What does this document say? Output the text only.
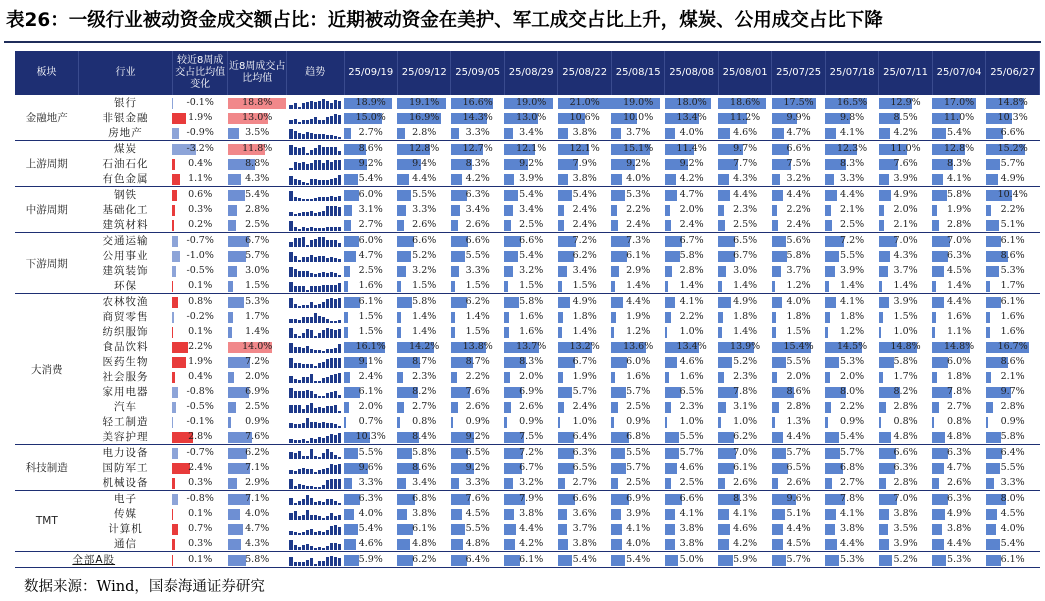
表26：一级行业被动资金成交额占比：近期被动资金在美护、军工成交占比上升，煤炭、公用成交占比下降
板块	行业	较近8周成交占比均值变化	近8周成交占比均值	趋势	25/09/19	25/09/12	25/09/05	25/08/29	25/08/22	25/08/15	25/08/08	25/08/01	25/07/25	25/07/18	25/07/11	25/07/04	25/06/27
金融地产	银行	-0.1%	18.8%		18.9%	19.1%	16.6%	19.0%	21.0%	19.0%	18.0%	18.6%	17.5%	16.5%	12.9%	17.0%	14.8%

	非银金融	1.9%	13.0%		15.0%	16.9%	14.3%	13.0%	10.6%	10.0%	13.4%	11.2%	9.9%	9.8%	8.5%	11.0%	10.3%

	房地产	-0.9%	3.5%		2.7%	2.8%	3.3%	3.4%	3.8%	3.7%	4.0%	4.6%	4.7%	4.1%	4.2%	5.4%	6.6%

上游周期	煤炭	-3.2%	11.8%		8.6%	12.8%	12.7%	12.1%	12.1%	15.1%	11.4%	9.7%	6.6%	12.3%	11.0%	12.8%	15.2%

	石油石化	0.4%	8.8%		9.2%	9.4%	8.3%	9.2%	7.9%	9.2%	9.2%	7.7%	7.5%	8.3%	7.6%	8.3%	5.7%

	有色金属	1.1%	4.3%		5.4%	4.4%	4.2%	3.9%	3.8%	4.0%	4.2%	4.3%	3.2%	3.3%	3.9%	4.1%	4.9%

中游周期	钢铁	0.6%	5.4%		6.0%	5.5%	6.3%	5.4%	5.4%	5.3%	4.7%	4.4%	4.4%	4.4%	4.9%	5.8%	10.4%

	基础化工	0.3%	2.8%		3.1%	3.3%	3.4%	3.4%	2.4%	2.2%	2.0%	2.3%	2.2%	2.1%	2.0%	1.9%	2.2%

	建筑材料	0.2%	2.5%		2.7%	2.6%	2.6%	2.5%	2.4%	2.4%	2.4%	2.5%	2.4%	2.5%	2.1%	2.8%	5.1%

下游周期	交通运输	-0.7%	6.7%		6.0%	6.6%	6.6%	6.6%	7.2%	7.3%	6.7%	6.5%	5.6%	7.2%	7.0%	7.0%	6.1%

	公用事业	-1.0%	5.7%		4.7%	5.2%	5.5%	5.4%	6.2%	6.1%	5.8%	6.7%	5.8%	5.5%	4.3%	6.3%	8.6%

	建筑装饰	-0.5%	3.0%		2.5%	3.2%	3.3%	3.2%	3.4%	2.9%	2.8%	3.0%	3.7%	3.9%	3.7%	4.5%	5.3%

	环保	0.1%	1.5%		1.6%	1.5%	1.5%	1.5%	1.5%	1.4%	1.4%	1.4%	1.2%	1.4%	1.4%	1.4%	1.7%

大消费	农林牧渔	0.8%	5.3%		6.1%	5.8%	6.2%	5.8%	4.9%	4.4%	4.1%	4.9%	4.0%	4.1%	3.9%	4.4%	6.1%

	商贸零售	-0.2%	1.7%		1.5%	1.4%	1.4%	1.6%	1.8%	1.9%	2.2%	1.8%	1.8%	1.8%	1.5%	1.6%	1.6%

	纺织服饰	0.1%	1.4%		1.5%	1.4%	1.5%	1.6%	1.4%	1.2%	1.0%	1.4%	1.5%	1.2%	1.0%	1.1%	1.6%

	食品饮料	2.2%	14.0%		16.1%	14.2%	13.8%	13.7%	13.2%	13.6%	13.4%	13.9%	15.4%	14.5%	14.8%	14.8%	16.7%

	医药生物	1.9%	7.2%		9.1%	8.7%	8.7%	8.3%	6.7%	6.0%	4.6%	5.2%	5.5%	5.3%	5.8%	6.0%	8.6%

	社会服务	0.4%	2.0%		2.4%	2.3%	2.2%	2.0%	1.9%	1.6%	1.6%	2.3%	2.0%	2.0%	1.7%	1.8%	2.1%

	家用电器	-0.8%	6.9%		6.1%	8.2%	7.6%	6.9%	5.7%	5.7%	6.5%	7.8%	8.6%	8.0%	8.2%	7.8%	9.7%

	汽车	-0.5%	2.5%		2.0%	2.7%	2.6%	2.6%	2.4%	2.5%	2.3%	3.1%	2.8%	2.2%	2.8%	2.7%	2.8%

	轻工制造	-0.1%	0.9%		0.7%	0.8%	0.9%	0.9%	1.0%	0.9%	1.0%	1.0%	1.3%	0.9%	0.8%	0.8%	0.9%

	美容护理	2.8%	7.6%		10.3%	8.4%	9.2%	7.5%	6.4%	6.8%	5.5%	6.2%	4.4%	5.4%	4.8%	4.8%	5.8%

科技制造	电力设备	-0.7%	6.2%		5.5%	5.8%	6.5%	7.2%	6.3%	5.5%	5.7%	7.0%	5.7%	5.7%	6.6%	6.3%	6.4%

	国防军工	2.4%	7.1%		9.6%	8.6%	9.2%	6.7%	6.5%	5.7%	4.6%	6.1%	6.5%	6.8%	6.3%	4.7%	5.5%

	机械设备	0.3%	2.9%		3.3%	3.4%	3.3%	3.2%	2.7%	2.5%	2.5%	2.6%	2.6%	2.7%	2.8%	2.6%	3.3%

TMT	电子	-0.8%	7.1%		6.3%	6.8%	7.6%	7.9%	6.6%	6.9%	6.6%	8.3%	9.6%	7.8%	7.0%	6.3%	8.0%

	传媒	0.1%	4.0%		4.0%	3.8%	4.5%	3.8%	3.6%	3.9%	4.1%	4.1%	5.1%	4.1%	3.8%	4.9%	4.5%

	计算机	0.7%	4.7%		5.4%	6.1%	5.5%	4.4%	3.7%	4.1%	3.8%	4.6%	4.4%	3.8%	3.5%	3.8%	4.0%

	通信	0.3%	4.3%		4.6%	4.8%	4.8%	4.2%	3.8%	4.0%	3.8%	4.2%	4.5%	4.4%	3.9%	4.4%	5.4%

全部A股		0.1%	5.8%		5.9%	6.2%	6.4%	6.1%	5.4%	5.4%	5.0%	5.9%	5.7%	5.3%	5.2%	5.3%	6.1%
数据来源：Wind，国泰海通证券研究
